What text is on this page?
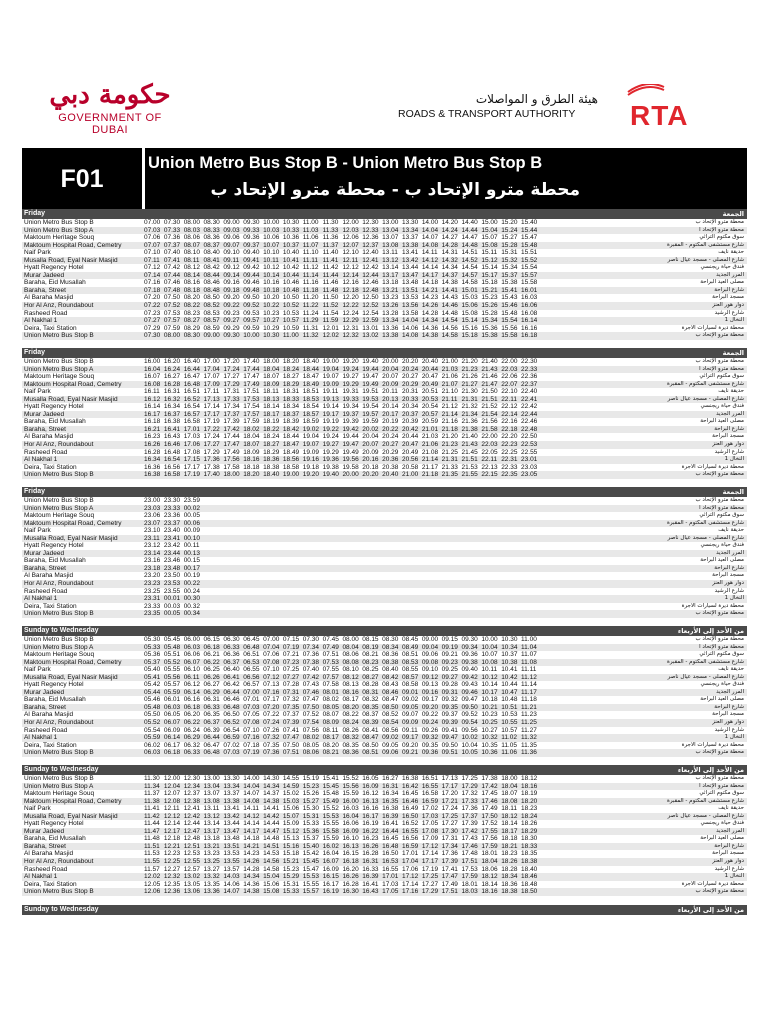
حكومة دبي
GOVERNMENT OF DUBAI
هيئة الطرق و المواصلات
ROADS & TRANSPORT AUTHORITY RTA
F01
Union Metro Bus Stop B - Union Metro Bus Stop B
محطة مترو الإتحاد ب - محطة مترو الإتحاد ب
Friday	الجمعة
Union Metro Bus Stop B	07.00 07.30 08.00 08.30 09.00 09.30 10.00 10.30 11.00 11.30 12.00 12.30 13.00 13.30 14.00 14.20 14.40 15.00 15.20 15.40	محطة مترو الإتحاد ب
Union Metro Bus Stop A	07.03 07.33 08.03 08.33 09.03 09.33 10.03 10.33 11.03 11.33 12.03 12.33 13.04 13.34 14.04 14.24 14.44 15.04 15.24 15.44	محطة مترو الإتحاد أ
Maktoum Heritage Souq	07.06 07.36 08.06 08.36 09.06 09.36 10.06 10.36 11.06 11.36 12.06 12.36 13.07 13.37 14.07 14.27 14.47 15.07 15.27 15.47	سوق مكتوم التراثي
Maktoum Hospital Road, Cemetry	07.07 07.37 08.07 08.37 09.07 09.37 10.07 10.37 11.07 11.37 12.07 12.37 13.08 13.38 14.08 14.28 14.48 15.08 15.28 15.48	شارع مستشفى المكتوم - المقبرة
Naif Park	07.10 07.40 08.10 08.40 09.10 09.40 10.10 10.40 11.10 11.40 12.10 12.40 13.11 13.41 14.11 14.31 14.51 15.11 15.31 15.51	حديقة نايف
Musalla Road, Eyal Nasir Masjid	07.11 07.41 08.11 08.41 09.11 09.41 10.11 10.41 11.11 11.41 12.11 12.41 13.12 13.42 14.12 14.32 14.52 15.12 15.32 15.52	شارع المصلى - مسجد عيال ناصر
Hyatt Regency Hotel	07.12 07.42 08.12 08.42 09.12 09.42 10.12 10.42 11.12 11.42 12.12 12.42 13.14 13.44 14.14 14.34 14.54 15.14 15.34 15.54	فندق حياة ريجنسي
Murar Jadeed	07.14 07.44 08.14 08.44 09.14 09.44 10.14 10.44 11.14 11.44 12.14 12.44 13.17 13.47 14.17 14.37 14.57 15.17 15.37 15.57	المرر الجديد
Baraha, Eid Musallah	07.16 07.46 08.16 08.46 09.16 09.46 10.16 10.46 11.16 11.46 12.16 12.46 13.18 13.48 14.18 14.38 14.58 15.18 15.38 15.58	مصلى العيد البراحة
Baraha, Street	07.18 07.48 08.18 08.48 09.18 09.48 10.18 10.48 11.18 11.48 12.18 12.48 13.21 13.51 14.21 14.41 15.01 15.21 15.41 16.01	شارع البراحة
Al Baraha Masjid	07.20 07.50 08.20 08.50 09.20 09.50 10.20 10.50 11.20 11.50 12.20 12.50 13.23 13.53 14.23 14.43 15.03 15.23 15.43 16.03	مسجد البراحة
Hor Al Anz, Roundabout	07.22 07.52 08.22 08.52 09.22 09.52 10.22 10.52 11.22 11.52 12.22 12.52 13.26 13.56 14.26 14.46 15.06 15.26 15.46 16.06	دوار هور العنز
Rasheed Road	07.23 07.53 08.23 08.53 09.23 09.53 10.23 10.53 11.24 11.54 12.24 12.54 13.28 13.58 14.28 14.48 15.08 15.28 15.48 16.08	شارع الرشيد
Al Nakhal 1	07.27 07.57 08.27 08.57 09.27 09.57 10.27 10.57 11.29 11.59 12.29 12.59 13.34 14.04 14.34 14.54 15.14 15.34 15.54 16.14	النخال 1
Deira, Taxi Station	07.29 07.59 08.29 08.59 09.29 09.59 10.29 10.59 11.31 12.01 12.31 13.01 13.36 14.06 14.36 14.56 15.16 15.36 15.56 16.16	محطة ديرة لسيارات الأجرة
Union Metro Bus Stop B	07.30 08.00 08.30 09.00 09.30 10.00 10.30 11.00 11.32 12.02 12.32 13.02 13.38 14.08 14.38 14.58 15.18 15.38 15.58 16.18	محطة مترو الإتحاد ب
Friday	الجمعة
Union Metro Bus Stop B	16.00 16.20 16.40 17.00 17.20 17.40 18.00 18.20 18.40 19.00 19.20 19.40 20.00 20.20 20.40 21.00 21.20 21.40 22.00 22.30	محطة مترو الإتحاد ب
Union Metro Bus Stop A	16.04 16.24 16.44 17.04 17.24 17.44 18.04 18.24 18.44 19.04 19.24 19.44 20.04 20.24 20.44 21.03 21.23 21.43 22.03 22.33	محطة مترو الإتحاد أ
Maktoum Heritage Souq	16.07 16.27 16.47 17.07 17.27 17.47 18.07 18.27 18.47 19.07 19.27 19.47 20.07 20.27 20.47 21.06 21.26 21.46 22.06 22.36	سوق مكتوم التراثي
Maktoum Hospital Road, Cemetry	16.08 16.28 16.48 17.09 17.29 17.49 18.09 18.29 18.49 19.09 19.29 19.49 20.09 20.29 20.49 21.07 21.27 21.47 22.07 22.37	شارع مستشفى المكتوم - المقبرة
Naif Park	16.11 16.31 16.51 17.11 17.31 17.51 18.11 18.31 18.51 19.11 19.31 19.51 20.11 20.31 20.51 21.10 21.30 21.50 22.10 22.40	حديقة نايف
Musalla Road, Eyal Nasir Masjid	16.12 16.32 16.52 17.13 17.33 17.53 18.13 18.33 18.53 19.13 19.33 19.53 20.13 20.33 20.53 21.11 21.31 21.51 22.11 22.41	شارع المصلى - مسجد عيال ناصر
Hyatt Regency Hotel	16.14 16.34 16.54 17.14 17.34 17.54 18.14 18.34 18.54 19.14 19.34 19.54 20.14 20.34 20.54 21.12 21.32 21.52 22.12 22.42	فندق حياة ريجنسي
Murar Jadeed	16.17 16.37 16.57 17.17 17.37 17.57 18.17 18.37 18.57 19.17 19.37 19.57 20.17 20.37 20.57 21.14 21.34 21.54 22.14 22.44	المرر الجديد
Baraha, Eid Musallah	16.18 16.38 16.58 17.19 17.39 17.59 18.19 18.39 18.59 19.19 19.39 19.59 20.19 20.39 20.59 21.16 21.36 21.56 22.16 22.46	مصلى العيد البراحة
Baraha, Street	16.21 16.41 17.01 17.22 17.42 18.02 18.22 18.42 19.02 19.22 19.42 20.02 20.22 20.42 21.01 21.18 21.38 21.58 22.18 22.48	شارع البراحة
Al Baraha Masjid	16.23 16.43 17.03 17.24 17.44 18.04 18.24 18.44 19.04 19.24 19.44 20.04 20.24 20.44 21.03 21.20 21.40 22.00 22.20 22.50	مسجد البراحة
Hor Al Anz, Roundabout	16.26 16.46 17.06 17.27 17.47 18.07 18.27 18.47 19.07 19.27 19.47 20.07 20.27 20.47 21.06 21.23 21.43 22.03 22.23 22.53	دوار هور العنز
Rasheed Road	16.28 16.48 17.08 17.29 17.49 18.09 18.29 18.49 19.09 19.29 19.49 20.09 20.29 20.49 21.08 21.25 21.45 22.05 22.25 22.55	شارع الرشيد
Al Nakhal 1	16.34 16.54 17.15 17.36 17.56 18.16 18.36 18.56 19.16 19.36 19.56 20.16 20.36 20.56 21.14 21.31 21.51 22.11 22.31 23.01	النخال 1
Deira, Taxi Station	16.36 16.56 17.17 17.38 17.58 18.18 18.38 18.58 19.18 19.38 19.58 20.18 20.38 20.58 21.17 21.33 21.53 22.13 22.33 23.03	محطة ديرة لسيارات الأجرة
Union Metro Bus Stop B	16.38 16.58 17.19 17.40 18.00 18.20 18.40 19.00 19.20 19.40 20.00 20.20 20.40 21.00 21.18 21.35 21.55 22.15 22.35 23.05	محطة مترو الإتحاد ب
Friday	الجمعة
Union Metro Bus Stop B	23.00 23.30 23.59	محطة مترو الإتحاد ب
Union Metro Bus Stop A	23.03 23.33 00.02	محطة مترو الإتحاد أ
Maktoum Heritage Souq	23.06 23.36 00.05	سوق مكتوم التراثي
Maktoum Hospital Road, Cemetry	23.07 23.37 00.06	شارع مستشفى المكتوم - المقبرة
Naif Park	23.10 23.40 00.09	حديقة نايف
Musalla Road, Eyal Nasir Masjid	23.11 23.41 00.10	شارع المصلى - مسجد عيال ناصر
Hyatt Regency Hotel	23.12 23.42 00.11	فندق حياة ريجنسي
Murar Jadeed	23.14 23.44 00.13	المرر الجديد
Baraha, Eid Musallah	23.16 23.46 00.15	مصلى العيد البراحة
Baraha, Street	23.18 23.48 00.17	شارع البراحة
Al Baraha Masjid	23.20 23.50 00.19	مسجد البراحة
Hor Al Anz, Roundabout	23.23 23.53 00.22	دوار هور العنز
Rasheed Road	23.25 23.55 00.24	شارع الرشيد
Al Nakhal 1	23.31 00.01 00.30	النخال 1
Deira, Taxi Station	23.33 00.03 00.32	محطة ديرة لسيارات الأجرة
Union Metro Bus Stop B	23.35 00.05 00.34	محطة مترو الإتحاد ب
Sunday to Wednesday	من الأحد إلى الأربعاء
Union Metro Bus Stop B	05.30 05.45 06.00 06.15 06.30 06.45 07.00 07.15 07.30 07.45 08.00 08.15 08.30 08.45 09.00 09.15 09.30 10.00 10.30 11.00	محطة مترو الإتحاد ب
Union Metro Bus Stop A	05.33 05.48 06.03 06.18 06.33 06.48 07.04 07.19 07.34 07.49 08.04 08.19 08.34 08.49 09.04 09.19 09.34 10.04 10.34 11.04	محطة مترو الإتحاد أ
Maktoum Heritage Souq	05.36 05.51 06.06 06.21 06.36 06.51 07.06 07.21 07.36 07.51 08.06 08.21 08.36 08.51 09.06 09.21 09.36 10.07 10.37 11.07	سوق مكتوم التراثي
Maktoum Hospital Road, Cemetry	05.37 05.52 06.07 06.22 06.37 06.53 07.08 07.23 07.38 07.53 08.08 08.23 08.38 08.53 09.08 09.23 09.38 10.08 10.38 11.08	شارع مستشفى المكتوم - المقبرة
Naif Park	05.40 05.55 06.10 06.25 06.40 06.55 07.10 07.25 07.40 07.55 08.10 08.25 08.40 08.55 09.10 09.25 09.40 10.11 10.41 11.11	حديقة نايف
Musalla Road, Eyal Nasir Masjid	05.41 05.56 06.11 06.26 06.41 06.56 07.12 07.27 07.42 07.57 08.12 08.27 08.42 08.57 09.12 09.27 09.42 10.12 10.42 11.12	شارع المصلى - مسجد عيال ناصر
Hyatt Regency Hotel	05.42 05.57 06.12 06.27 06.42 06.57 07.13 07.28 07.43 07.58 08.13 08.28 08.43 08.58 09.13 09.28 09.43 10.14 10.44 11.14	فندق حياة ريجنسي
Murar Jadeed	05.44 05.59 06.14 06.29 06.44 07.00 07.16 07.31 07.46 08.01 08.16 08.31 08.46 09.01 09.16 09.31 09.46 10.17 10.47 11.17	المرر الجديد
Baraha, Eid Musallah	05.46 06.01 06.16 06.31 06.46 07.01 07.17 07.32 07.47 08.02 08.17 08.32 08.47 09.02 09.17 09.32 09.47 10.18 10.48 11.18	مصلى العيد البراحة
Baraha, Street	05.48 06.03 06.18 06.33 06.48 07.03 07.20 07.35 07.50 08.05 08.20 08.35 08.50 09.05 09.20 09.35 09.50 10.21 10.51 11.21	شارع البراحة
Al Baraha Masjid	05.50 06.05 06.20 06.35 06.50 07.05 07.22 07.37 07.52 08.07 08.22 08.37 08.52 09.07 09.22 09.37 09.52 10.23 10.53 11.23	مسجد البراحة
Hor Al Anz, Roundabout	05.52 06.07 06.22 06.37 06.52 07.08 07.24 07.39 07.54 08.09 08.24 08.39 08.54 09.09 09.24 09.39 09.54 10.25 10.55 11.25	دوار هور العنز
Rasheed Road	05.54 06.09 06.24 06.39 06.54 07.10 07.26 07.41 07.56 08.11 08.26 08.41 08.56 09.11 09.26 09.41 09.56 10.27 10.57 11.27	شارع الرشيد
Al Nakhal 1	05.59 06.14 06.29 06.44 06.59 07.16 07.32 07.47 08.02 08.17 08.32 08.47 09.02 09.17 09.32 09.47 10.02 10.32 11.02 11.32	النخال 1
Deira, Taxi Station	06.02 06.17 06.32 06.47 07.02 07.18 07.35 07.50 08.05 08.20 08.35 08.50 09.05 09.20 09.35 09.50 10.04 10.35 11.05 11.35	محطة ديرة لسيارات الأجرة
Union Metro Bus Stop B	06.03 06.18 06.33 06.48 07.03 07.19 07.36 07.51 08.06 08.21 08.36 08.51 09.06 09.21 09.36 09.51 10.05 10.36 11.06 11.36	محطة مترو الإتحاد ب
Sunday to Wednesday	من الأحد إلى الأربعاء
Union Metro Bus Stop B	11.30 12.00 12.30 13.00 13.30 14.00 14.30 14.55 15.19 15.41 15.52 16.05 16.27 16.38 16.51 17.13 17.25 17.38 18.00 18.12	محطة مترو الإتحاد ب
Union Metro Bus Stop A	11.34 12.04 12.34 13.04 13.34 14.04 14.34 14.59 15.23 15.45 15.56 16.09 16.31 16.42 16.55 17.17 17.29 17.42 18.04 18.16	محطة مترو الإتحاد أ
Maktoum Heritage Souq	11.37 12.07 12.37 13.07 13.37 14.07 14.37 15.02 15.26 15.48 15.59 16.12 16.34 16.45 16.58 17.20 17.32 17.45 18.07 18.19	سوق مكتوم التراثي
Maktoum Hospital Road, Cemetry	11.38 12.08 12.38 13.08 13.38 14.08 14.38 15.03 15.27 15.49 16.00 16.13 16.35 16.46 16.59 17.21 17.33 17.46 18.08 18.20	شارع مستشفى المكتوم - المقبرة
Naif Park	11.41 12.11 12.41 13.11 13.41 14.11 14.41 15.06 15.30 15.52 16.03 16.16 16.38 16.49 17.02 17.24 17.36 17.49 18.11 18.23	حديقة نايف
Musalla Road, Eyal Nasir Masjid	11.42 12.12 12.42 13.12 13.42 14.12 14.42 15.07 15.31 15.53 16.04 16.17 16.39 16.50 17.03 17.25 17.37 17.50 18.12 18.24	شارع المصلى - مسجد عيال ناصر
Hyatt Regency Hotel	11.44 12.14 12.44 13.14 13.44 14.14 14.44 15.09 15.33 15.55 16.06 16.19 16.41 16.52 17.05 17.27 17.39 17.52 18.14 18.26	فندق حياة ريجنسي
Murar Jadeed	11.47 12.17 12.47 13.17 13.47 14.17 14.47 15.12 15.36 15.58 16.09 16.22 16.44 16.55 17.08 17.30 17.42 17.55 18.17 18.29	المرر الجديد
Baraha, Eid Musallah	11.48 12.18 12.48 13.18 13.48 14.18 14.48 15.13 15.37 15.59 16.10 16.23 16.45 16.56 17.09 17.31 17.43 17.56 18.18 18.30	مصلى العيد البراحة
Baraha, Street	11.51 12.21 12.51 13.21 13.51 14.21 14.51 15.16 15.40 16.02 16.13 16.26 16.48 16.59 17.12 17.34 17.46 17.59 18.21 18.33	شارع البراحة
Al Baraha Masjid	11.53 12.23 12.53 13.23 13.53 14.23 14.53 15.18 15.42 16.04 16.15 16.28 16.50 17.01 17.14 17.36 17.48 18.01 18.23 18.35	مسجد البراحة
Hor Al Anz, Roundabout	11.55 12.25 12.55 13.25 13.55 14.26 14.56 15.21 15.45 16.07 16.18 16.31 16.53 17.04 17.17 17.39 17.51 18.04 18.26 18.38	دوار هور العنز
Rasheed Road	11.57 12.27 12.57 13.27 13.57 14.28 14.58 15.23 15.47 16.09 16.20 16.33 16.55 17.06 17.19 17.41 17.53 18.06 18.28 18.40	شارع الرشيد
Al Nakhal 1	12.02 12.32 13.02 13.32 14.03 14.34 15.04 15.29 15.53 16.15 16.26 16.39 17.01 17.12 17.25 17.47 17.59 18.12 18.34 18.46	النخال 1
Deira, Taxi Station	12.05 12.35 13.05 13.35 14.06 14.36 15.06 15.31 15.55 16.17 16.28 16.41 17.03 17.14 17.27 17.49 18.01 18.14 18.36 18.48	محطة ديرة لسيارات الأجرة
Union Metro Bus Stop B	12.06 12.36 13.06 13.36 14.07 14.38 15.08 15.33 15.57 16.19 16.30 16.43 17.05 17.16 17.29 17.51 18.03 18.16 18.38 18.50	محطة مترو الإتحاد ب
Sunday to Wednesday	من الأحد إلى الأربعاء
